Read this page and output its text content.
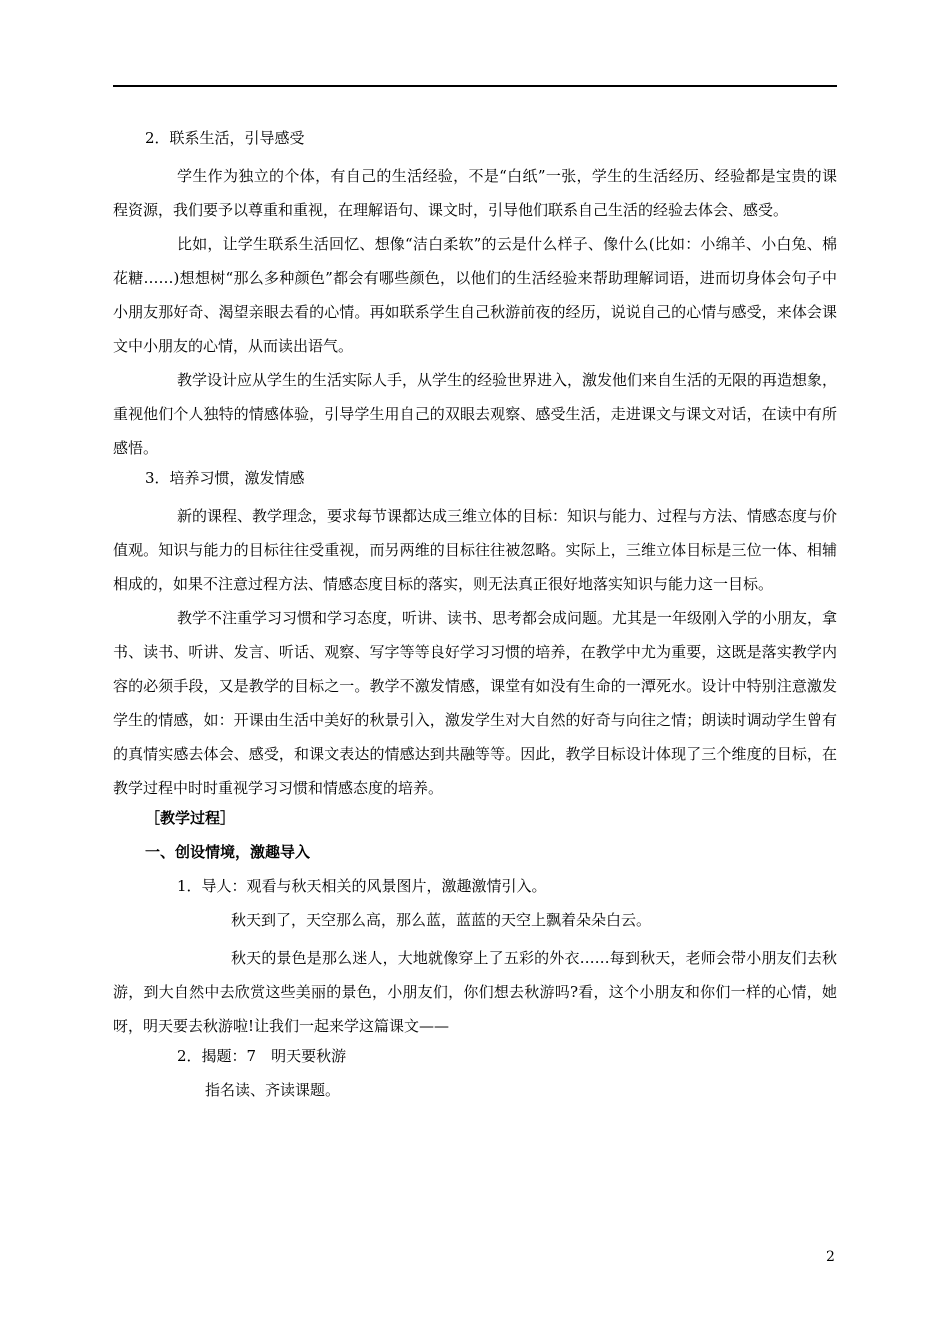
2．联系生活，引导感受

学生作为独立的个体，有自己的生活经验，不是“白纸”一张，学生的生活经历、经验都是宝贵的课程资源，我们要予以尊重和重视，在理解语句、课文时，引导他们联系自己生活的经验去体会、感受。

比如，让学生联系生活回忆、想像“洁白柔软”的云是什么样子、像什么(比如：小绵羊、小白兔、棉花糖……)想想树“那么多种颜色”都会有哪些颜色，以他们的生活经验来帮助理解词语，进而切身体会句子中小朋友那好奇、渴望亲眼去看的心情。再如联系学生自己秋游前夜的经历，说说自己的心情与感受，来体会课文中小朋友的心情，从而读出语气。

教学设计应从学生的生活实际人手，从学生的经验世界进入，激发他们来自生活的无限的再造想象，重视他们个人独特的情感体验，引导学生用自己的双眼去观察、感受生活，走进课文与课文对话，在读中有所感悟。

3．培养习惯，激发情感

新的课程、教学理念，要求每节课都达成三维立体的目标：知识与能力、过程与方法、情感态度与价值观。知识与能力的目标往往受重视，而另两维的目标往往被忽略。实际上，三维立体目标是三位一体、相辅相成的，如果不注意过程方法、情感态度目标的落实，则无法真正很好地落实知识与能力这一目标。

教学不注重学习习惯和学习态度，听讲、读书、思考都会成问题。尤其是一年级刚入学的小朋友，拿书、读书、听讲、发言、听话、观察、写字等等良好学习习惯的培养，在教学中尤为重要，这既是落实教学内容的必须手段，又是教学的目标之一。教学不激发情感，课堂有如没有生命的一潭死水。设计中特别注意激发学生的情感，如：开课由生活中美好的秋景引入，激发学生对大自然的好奇与向往之情；朗读时调动学生曾有的真情实感去体会、感受，和课文表达的情感达到共融等等。因此，教学目标设计体现了三个维度的目标，在教学过程中时时重视学习习惯和情感态度的培养。

［教学过程］
一、创设情境，激趣导入
1．导人：观看与秋天相关的风景图片，激趣激情引入。
秋天到了，天空那么高，那么蓝，蓝蓝的天空上飘着朵朵白云。

秋天的景色是那么迷人，大地就像穿上了五彩的外衣……每到秋天，老师会带小朋友们去秋游，到大自然中去欣赏这些美丽的景色，小朋友们，你们想去秋游吗?看，这个小朋友和你们一样的心情，她呀，明天要去秋游啦!让我们一起来学这篇课文——

2．揭题：7　明天要秋游
指名读、齐读课题。
2
